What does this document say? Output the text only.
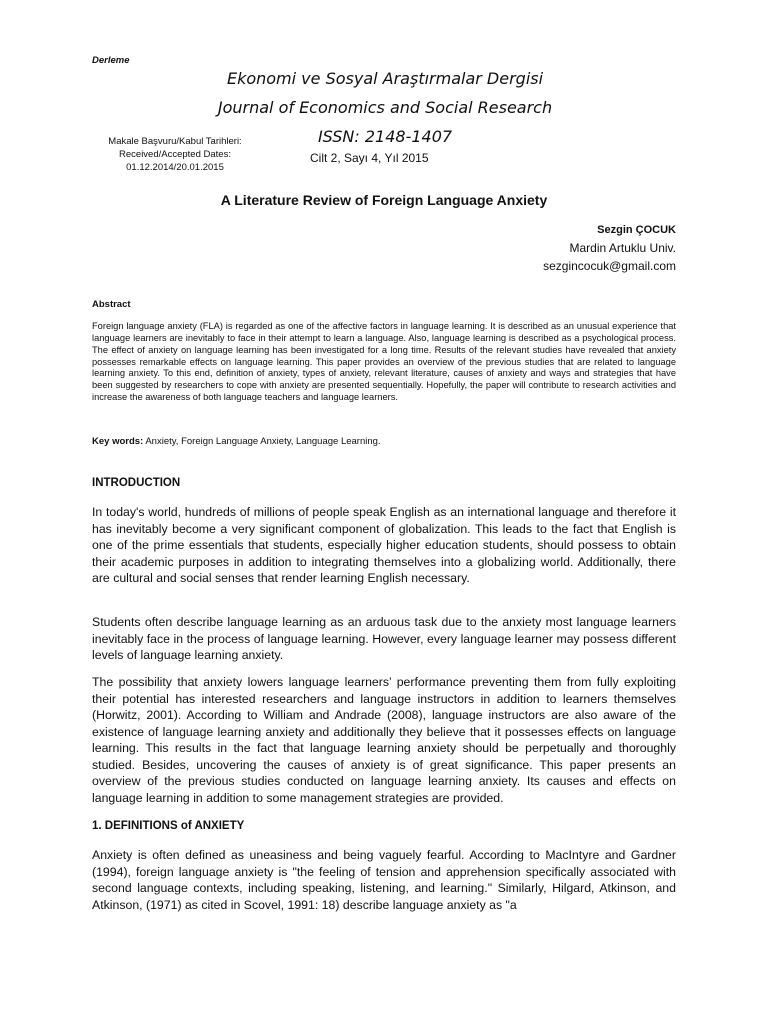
Derleme
Ekonomi ve Sosyal Araştırmalar Dergisi
Journal of Economics and Social Research
ISSN: 2148-1407
Makale Başvuru/Kabul Tarihleri:
Received/Accepted Dates:
01.12.2014/20.01.2015
Cilt 2, Sayı 4, Yıl 2015
A Literature Review of Foreign Language Anxiety
Sezgin ÇOCUK
Mardin Artuklu Univ.
sezgincocuk@gmail.com
Abstract

Foreign language anxiety (FLA) is regarded as one of the affective factors in language learning. It is described as an unusual experience that language learners are inevitably to face in their attempt to learn a language. Also, language learning is described as a psychological process. The effect of anxiety on language learning has been investigated for a long time. Results of the relevant studies have revealed that anxiety possesses remarkable effects on language learning. This paper provides an overview of the previous studies that are related to language learning anxiety. To this end, definition of anxiety, types of anxiety, relevant literature, causes of anxiety and ways and strategies that have been suggested by researchers to cope with anxiety are presented sequentially. Hopefully, the paper will contribute to research activities and increase the awareness of both language teachers and language learners.

Key words: Anxiety, Foreign Language Anxiety, Language Learning.
INTRODUCTION

In today's world, hundreds of millions of people speak English as an international language and therefore it has inevitably become a very significant component of globalization. This leads to the fact that English is one of the prime essentials that students, especially higher education students, should possess to obtain their academic purposes in addition to integrating themselves into a globalizing world. Additionally, there are cultural and social senses that render learning English necessary.

Students often describe language learning as an arduous task due to the anxiety most language learners inevitably face in the process of language learning. However, every language learner may possess different levels of language learning anxiety.

The possibility that anxiety lowers language learners’ performance preventing them from fully exploiting their potential has interested researchers and language instructors in addition to learners themselves (Horwitz, 2001). According to William and Andrade (2008), language instructors are also aware of the existence of language learning anxiety and additionally they believe that it possesses effects on language learning. This results in the fact that language learning anxiety should be perpetually and thoroughly studied. Besides, uncovering the causes of anxiety is of great significance. This paper presents an overview of the previous studies conducted on language learning anxiety. Its causes and effects on language learning in addition to some management strategies are provided.

1. DEFINITIONS of ANXIETY

Anxiety is often defined as uneasiness and being vaguely fearful. According to MacIntyre and Gardner (1994), foreign language anxiety is "the feeling of tension and apprehension specifically associated with second language contexts, including speaking, listening, and learning." Similarly, Hilgard, Atkinson, and Atkinson, (1971) as cited in Scovel, 1991: 18) describe language anxiety as "a
